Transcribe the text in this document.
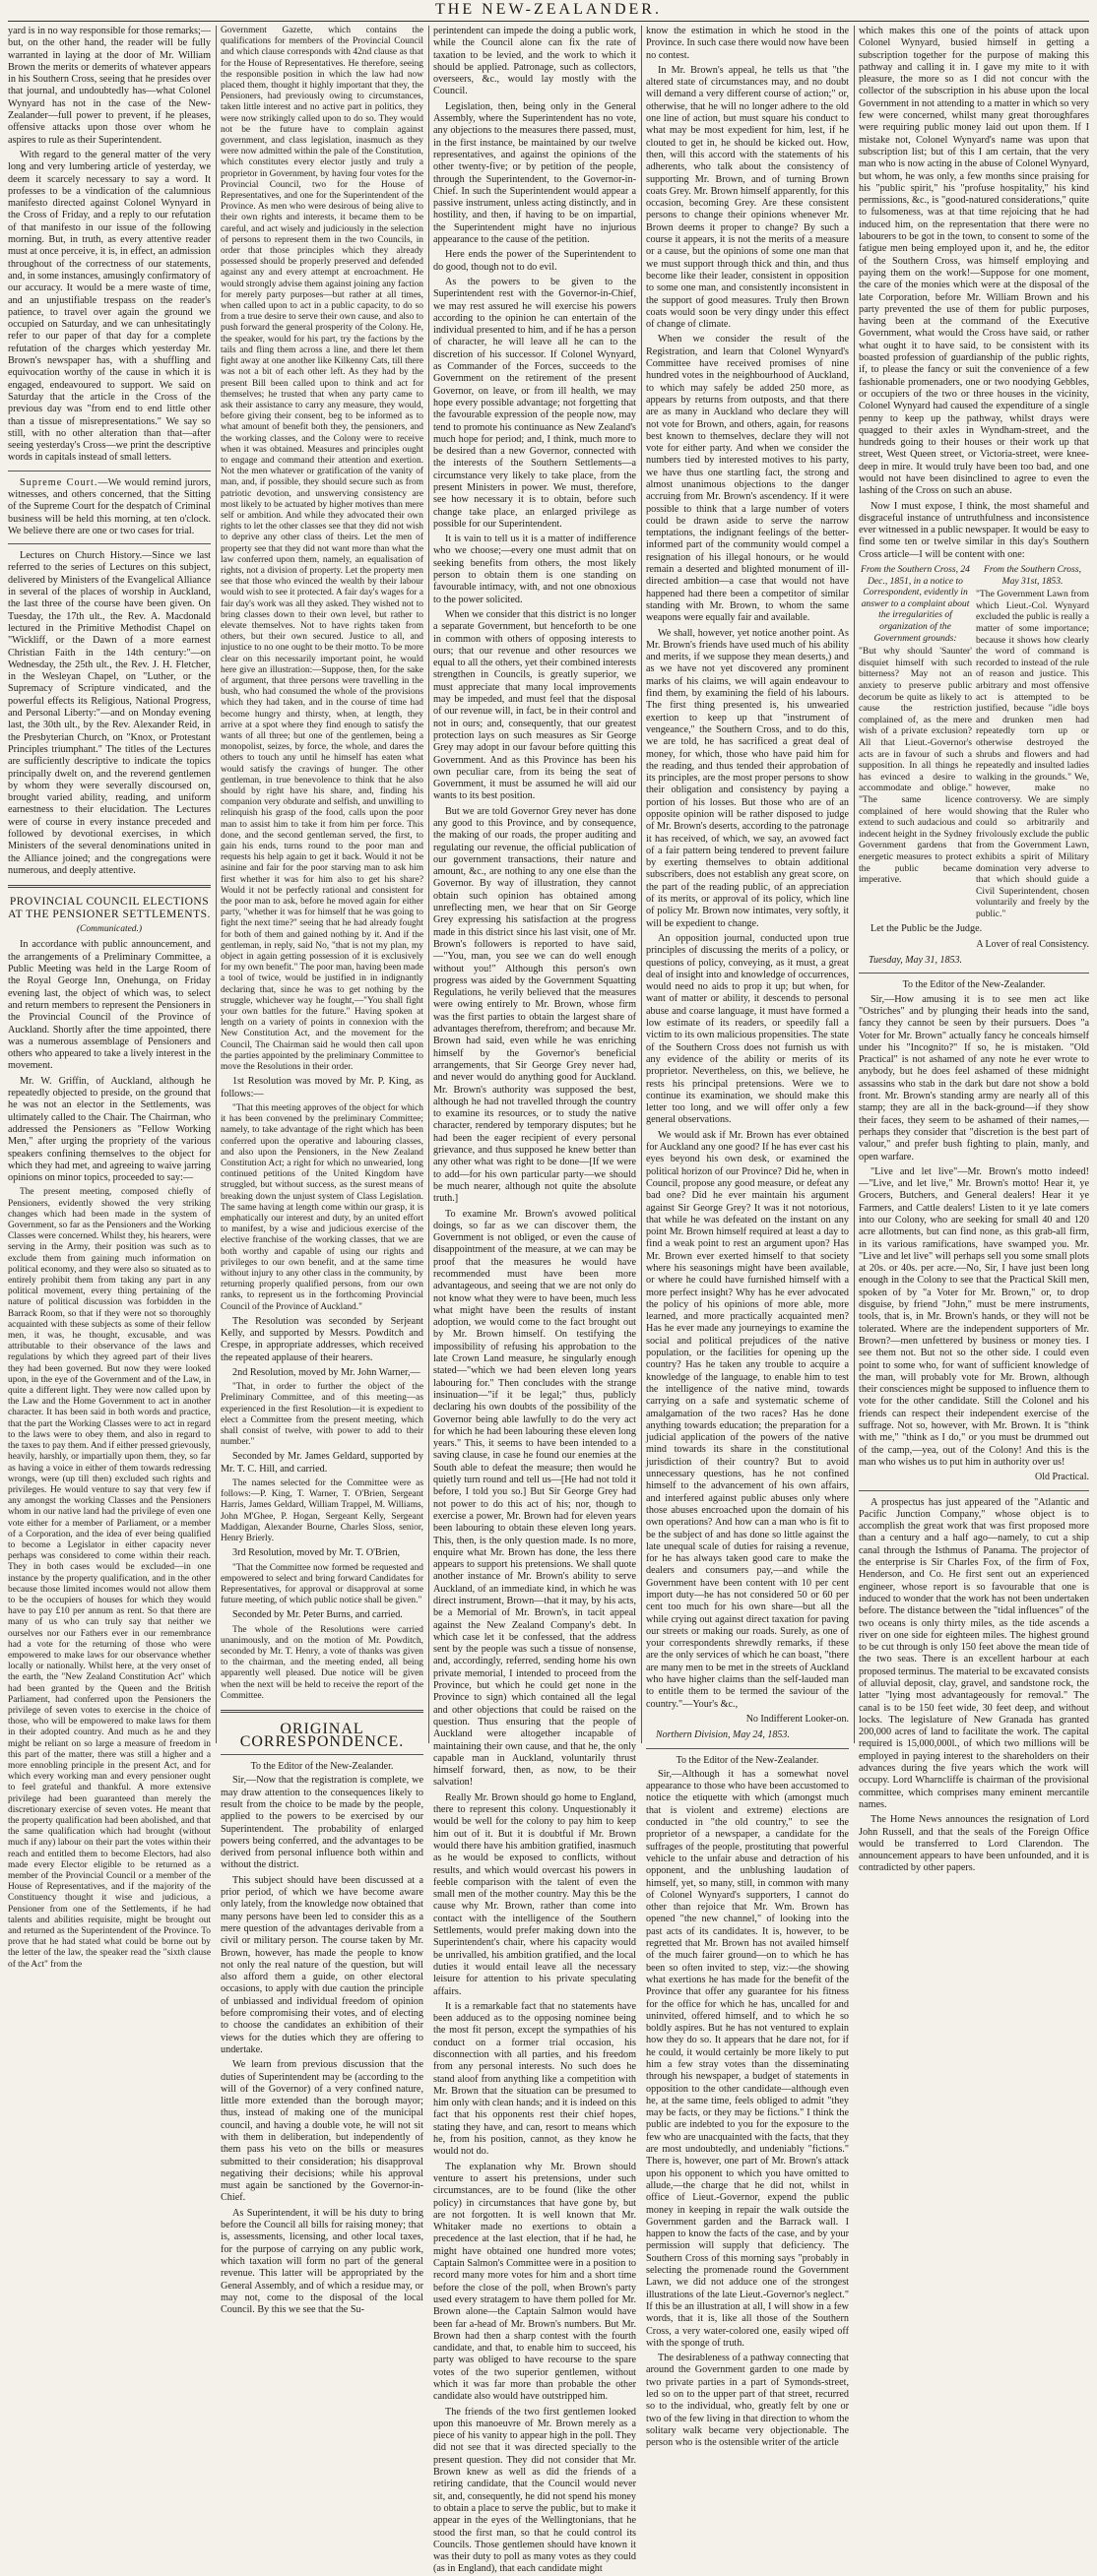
THE NEW-ZEALANDER.

yard is in no way responsible for those remarks;—but, on the other hand, the reader will be fully warranted in laying at the door of Mr. William Brown the merits or demerits of whatever appears in his Southern Cross, seeing that he presides over that journal, and undoubtedly has—what Colonel Wynyard has not in the case of the New-Zealander—full power to prevent, if he pleases, offensive attacks upon those over whom he aspires to rule as their Superintendent.

With regard to the general matter of the very long and very lumbering article of yesterday, we deem it scarcely necessary to say a word. It professes to be a vindication of the calumnious manifesto directed against Colonel Wynyard in the Cross of Friday, and a reply to our refutation of that manifesto in our issue of the following morning. But, in truth, as every attentive reader must at once perceive, it is, in effect, an admission throughout of the correctness of our statements, and, in some instances, amusingly confirmatory of our accuracy. It would be a mere waste of time, and an unjustifiable trespass on the reader's patience, to travel over again the ground we occupied on Saturday, and we can unhesitatingly refer to our paper of that day for a complete refutation of the charges which yesterday Mr. Brown's newspaper has, with a shuffling and equivocation worthy of the cause in which it is engaged, endeavoured to support. We said on Saturday that the article in the Cross of the previous day was "from end to end little other than a tissue of misrepresentations." We say so still, with no other alteration than that—after seeing yesterday's Cross—we print the descriptive words in capitals instead of small letters.

Supreme Court.—We would remind jurors, witnesses, and others concerned, that the Sitting of the Supreme Court for the despatch of Criminal business will be held this morning, at ten o'clock. We believe there are one or two cases for trial.

Lectures on Church History.—Since we last referred to the series of Lectures on this subject, delivered by Ministers of the Evangelical Alliance in several of the places of worship in Auckland, the last three of the course have been given. On Tuesday, the 17th ult., the Rev. A. Macdonald lectured in the Primitive Methodist Chapel on "Wickliff, or the Dawn of a more earnest Christian Faith in the 14th century:"—on Wednesday, the 25th ult., the Rev. J. H. Fletcher, in the Wesleyan Chapel, on "Luther, or the Supremacy of Scripture vindicated, and the powerful effects its Religious, National Progress, and Personal Liberty:"—and on Monday evening last, the 30th ult., by the Rev. Alexander Reid, in the Presbyterian Church, on "Knox, or Protestant Principles triumphant." The titles of the Lectures are sufficiently descriptive to indicate the topics principally dwelt on, and the reverend gentlemen by whom they were severally discoursed on, brought varied ability, reading, and uniform earnestness to their elucidation. The Lectures were of course in every instance preceded and followed by devotional exercises, in which Ministers of the several denominations united in the Alliance joined; and the congregations were numerous, and deeply attentive.

PROVINCIAL COUNCIL ELECTIONS AT THE PENSIONER SETTLEMENTS.
(Communicated.)

In accordance with public announcement, and the arrangements of a Preliminary Committee, a Public Meeting was held in the Large Room of the Royal George Inn, Onehunga, on Friday evening last, the object of which was, to select and return members to represent the Pensioners in the Provincial Council of the Province of Auckland. Shortly after the time appointed, there was a numerous assemblage of Pensioners and others who appeared to take a lively interest in the movement.

Mr. W. Griffin, of Auckland, although he repeatedly objected to preside, on the ground that he was not an elector in the Settlements, was ultimately called to the Chair. The Chairman, who addressed the Pensioners as "Fellow Working Men," after urging the propriety of the various speakers confining themselves to the object for which they had met, and agreeing to waive jarring opinions on minor topics, proceeded to say:—

The present meeting, composed chiefly of Pensioners, evidently showed the very striking changes which had been made in the system of Government, so far as the Pensioners and the Working Classes were concerned. Whilst they, his hearers, were serving in the Army, their position was such as to exclude them from gaining much information on political economy, and they were also so situated as to entirely prohibit them from taking any part in any political movement, every thing pertaining of the nature of political discussion was forbidden in the Barrack Room, so that if they were not so thoroughly acquainted with these subjects as some of their fellow men, it was, he thought, excusable, and was attributable to their observance of the laws and regulations by which they agreed part of their lives they had been governed. But now they were looked upon, in the eye of the Government and of the Law, in quite a different light. They were now called upon by the Law and the Home Government to act in another character. It has been said in both words and practice, that the part the Working Classes were to act in regard to the laws were to obey them, and also in regard to the taxes to pay them. And if either pressed grievously, heavily, harshly, or impartially upon them, they, so far as having a voice in either of them towards redressing wrongs, were (up till then) excluded such rights and privileges. He would venture to say that very few if any amongst the working Classes and the Pensioners whom in our native land had the privilege of even one vote either for a member of Parliament, or a member of a Corporation, and the idea of ever being qualified to become a Legislator in either capacity never perhaps was considered to come within their reach. They in both cases would be excluded—in one instance by the property qualification, and in the other because those limited incomes would not allow them to be the occupiers of houses for which they would have to pay £10 per annum as rent. So that there are many of us who can truly say that neither we ourselves nor our Fathers ever in our remembrance had a vote for the returning of those who were empowered to make laws for our observance whether locally or nationally. Whilst here, at the very onset of the earth, the "New Zealand Constitution Act" which had been granted by the Queen and the British Parliament, had conferred upon the Pensioners the privilege of seven votes to exercise in the choice of those, who will be empowered to make laws for them in their adopted country. And much as he and they might be reliant on so large a measure of freedom in this part of the matter, there was still a higher and a more ennobling principle in the present Act, and for which every working man and every pensioner ought to feel grateful and thankful. A more extensive privilege had been guaranteed than merely the discretionary exercise of seven votes. He meant that the property qualification had been abolished, and that the same qualification which had brought (without much if any) labour on their part the votes within their reach and entitled them to become Electors, had also made every Elector eligible to be returned as a member of the Provincial Council or a member of the House of Representatives, and if the majority of the Constituency thought it wise and judicious, a Pensioner from one of the Settlements, if he had talents and abilities requisite, might be brought out and returned as the Superintendent of the Province. To prove that he had stated what could be borne out by the letter of the law, the speaker read the "sixth clause of the Act" from the

Government Gazette, which contains the qualifications for members of the Provincial Council and which clause corresponds with 42nd clause as that for the House of Representatives. He therefore, seeing the responsible position in which the law had now placed them, thought it highly important that they, the Pensioners, had previously owing to circumstances, taken little interest and no active part in politics, they were now strikingly called upon to do so. They would not be the future have to complain against government, and class legislation, inasmuch as they were now admitted within the pale of the Constitution, which constitutes every elector justly and truly a proprietor in Government, by having four votes for the Provincial Council, two for the House of Representatives, and one for the Superintendent of the Province. As men who were desirous of being alive to their own rights and interests, it became them to be careful, and act wisely and judiciously in the selection of persons to represent them in the two Councils, in order that those principles which they already possessed should be properly preserved and defended against any and every attempt at encroachment. He would strongly advise them against joining any faction for merely party purposes—but rather at all times, when called upon to act in a public capacity, to do so from a true desire to serve their own cause, and also to push forward the general prosperity of the Colony. He, the speaker, would for his part, try the factions by the tails and fling them across a line, and there let them fight away at one another like Kilkenny Cats, till there was not a bit of each other left. As they had by the present Bill been called upon to think and act for themselves; he trusted that when any party came to ask their assistance to carry any measure, they would, before giving their consent, beg to be informed as to what amount of benefit both they, the pensioners, and the working classes, and the Colony were to receive when it was obtained. Measures and principles ought to engage and command their attention and exertion. Not the men whatever or gratification of the vanity of man, and, if possible, they should secure such as from patriotic devotion, and unswerving consistency are most likely to be actuated by higher motives than mere self or ambition. And while they advocated their own rights to let the other classes see that they did not wish to deprive any other class of theirs. Let the men of property see that they did not want more than what the law conferred upon them, namely, an equalisation of rights, not a division of property. Let the property men see that those who evinced the wealth by their labour would wish to see it protected. A fair day's wages for a fair day's work was all they asked. They wished not to bring classes down to their own level, but rather to elevate themselves. Not to have rights taken from others, but their own secured. Justice to all, and injustice to no one ought to be their motto. To be more clear on this necessarily important point, he would here give an illustration:—Suppose, then, for the sake of argument, that three persons were travelling in the bush, who had consumed the whole of the provisions which they had taken, and in the course of time had become hungry and thirsty, when, at length, they arrive at a spot where they find enough to satisfy the wants of all three; but one of the gentlemen, being a monopolist, seizes, by force, the whole, and dares the others to touch any until he himself has eaten what would satisfy the cravings of hunger. The other gentleman, in true benevolence to think that he also should by right have his share, and, finding his companion very obdurate and selfish, and unwilling to relinquish his grasp of the food, calls upon the poor man to assist him to take it from him per force. This done, and the second gentleman served, the first, to gain his ends, turns round to the poor man and requests his help again to get it back. Would it not be asinine and fair for the poor starving man to ask him first whether it was for him also to get his share? Would it not be perfectly rational and consistent for the poor man to ask, before he moved again for either party, "whether it was for himself that he was going to fight the next time?" seeing that he had already fought for both of them and gained nothing by it. And if the gentleman, in reply, said No, "that is not my plan, my object in again getting possession of it is exclusively for my own benefit." The poor man, having been made a tool of twice, would be justified in in indignantly declaring that, since he was to get nothing by the struggle, whichever way he fought,—"You shall fight your own battles for the future." Having spoken at length on a variety of points in connexion with the New Constitution Act, and the movement for the Council, The Chairman said he would then call upon the parties appointed by the preliminary Committee to move the Resolutions in their order.

1st Resolution was moved by Mr. P. King, as follows:—

"That this meeting approves of the object for which it has been convened by the preliminary Committee; namely, to take advantage of the right which has been conferred upon the operative and labouring classes, and also upon the Pensioners, in the New Zealand Constitution Act; a right for which no unwearied, long continued petitions of the United Kingdom have struggled, but without success, as the surest means of breaking down the unjust system of Class Legislation. The same having at length come within our grasp, it is emphatically our interest and duty, by an united effort to manifest, by a wise and judicious exercise of the elective franchise of the working classes, that we are both worthy and capable of using our rights and privileges to our own benefit, and at the same time without injury to any other class in the community, by returning properly qualified persons, from our own ranks, to represent us in the forthcoming Provincial Council of the Province of Auckland."

The Resolution was seconded by Serjeant Kelly, and supported by Messrs. Powditch and Crespe, in appropriate addresses, which received the repeated applause of their hearers.

2nd Resolution, moved by Mr. John Warner,—

"That, in order to further the object of the Preliminary Committee, and of this meeting—as experienced in the first Resolution—it is expedient to elect a Committee from the present meeting, which shall consist of twelve, with power to add to their number."

Seconded by Mr. James Geldard, supported by Mr. T. C. Hill, and carried.

The names selected for the Committee were as follows:—P. King, T. Warner, T. O'Brien, Sergeant Harris, James Geldard, William Trappel, M. Williams, John M'Ghee, P. Hogan, Sergeant Kelly, Sergeant Maddigan, Alexander Bourne, Charles Sloss, senior, Henry Brierly.

3rd Resolution, moved by Mr. T. O'Brien,

"That the Committee now formed be requested and empowered to select and bring forward Candidates for Representatives, for approval or disapproval at some future meeting, of which public notice shall be given."

Seconded by Mr. Peter Burns, and carried.

The whole of the Resolutions were carried unanimously, and on the motion of Mr. Powditch, seconded by Mr. T. Henry, a vote of thanks was given to the chairman, and the meeting ended, all being apparently well pleased. Due notice will be given when the next will be held to receive the report of the Committee.

ORIGINAL CORRESPONDENCE.
To the Editor of the New-Zealander.

Sir,—Now that the registration is complete, we may draw attention to the consequences likely to result from the choice to be made by the people, applied to the powers to be exercised by our Superintendent. The probability of enlarged powers being conferred, and the advantages to be derived from personal influence both within and without the district.

This subject should have been discussed at a prior period, of which we have become aware only lately, from the knowledge now obtained that many persons have been led to consider this as a mere question of the advantages derivable from a civil or military person. The course taken by Mr. Brown, however, has made the people to know not only the real nature of the question, but will also afford them a guide, on other electoral occasions, to apply with due caution the principle of unbiassed and individual freedom of opinion before compromising their votes, and of electing to choose the candidates an exhibition of their views for the duties which they are offering to undertake.

We learn from previous discussion that the duties of Superintendent may be (according to the will of the Governor) of a very confined nature, little more extended than the borough mayor; thus, instead of making one of the municipal council, and having a double vote, he will not sit with them in deliberation, but independently of them pass his veto on the bills or measures submitted to their consideration; his disapproval negativing their decisions; while his approval must again be sanctioned by the Governor-in-Chief.

As Superintendent, it will be his duty to bring before the Council all bills for raising money; that is, assessments, licensing, and other local taxes, for the purpose of carrying on any public work, which taxation will form no part of the general revenue. This latter will be appropriated by the General Assembly, and of which a residue may, or may not, come to the disposal of the local Council. By this we see that the Su-

perintendent can impede the doing a public work, while the Council alone can fix the rate of taxation to be levied, and the work to which it should be applied. Patronage, such as collectors, overseers, &c., would lay mostly with the Council.

Legislation, then, being only in the General Assembly, where the Superintendent has no vote, any objections to the measures there passed, must, in the first instance, be maintained by our twelve representatives, and against the opinions of the other twenty-five; or by petition of the people, through the Superintendent, to the Governor-in-Chief. In such the Superintendent would appear a passive instrument, unless acting distinctly, and in hostility, and then, if having to be on impartial, the Superintendent might have no injurious appearance to the cause of the petition.

Here ends the power of the Superintendent to do good, though not to do evil.

As the powers to be given to the Superintendent rest with the Governor-in-Chief, we may rest assured he will exercise his powers according to the opinion he can entertain of the individual presented to him, and if he has a person of character, he will leave all he can to the discretion of his successor. If Colonel Wynyard, as Commander of the Forces, succeeds to the Government on the retirement of the present Governor, on leave, or from ill health, we may hope every possible advantage; not forgetting that the favourable expression of the people now, may tend to promote his continuance as New Zealand's much hope for period; and, I think, much more to be desired than a new Governor, connected with the interests of the Southern Settlements—a circumstance very likely to take place, from the present Ministers in power. We must, therefore, see how necessary it is to obtain, before such change take place, an enlarged privilege as possible for our Superintendent.

It is vain to tell us it is a matter of indifference who we choose;—every one must admit that on seeking benefits from others, the most likely person to obtain them is one standing on favourable intimacy, with, and not one obnoxious to the power solicited.

When we consider that this district is no longer a separate Government, but henceforth to be one in common with others of opposing interests to ours; that our revenue and other resources we equal to all the others, yet their combined interests strengthen in Councils, is greatly superior, we must appreciate that many local improvements may be impeded, and must feel that the disposal of our revenue will, in fact, be in their control and not in ours; and, consequently, that our greatest protection lays on such measures as Sir George Grey may adopt in our favour before quitting this Government. And as this Province has been his own peculiar care, from its being the seat of Government, it must be assumed he will aid our wants to its best position.

But we are told Governor Grey never has done any good to this Province, and by consequence, the making of our roads, the proper auditing and regulating our revenue, the official publication of our government transactions, their nature and amount, &c., are nothing to any one else than the Governor. By way of illustration, they cannot obtain such opinion has obtained among unreflecting men, we hear that on Sir George Grey expressing his satisfaction at the progress made in this district since his last visit, one of Mr. Brown's followers is reported to have said,—"You, man, you see we can do well enough without you!" Although this person's own progress was aided by the Government Squatting Regulations, he verily believed that the measures were owing entirely to Mr. Brown, whose firm was the first parties to obtain the largest share of advantages therefrom, therefrom; and because Mr. Brown had said, even while he was enriching himself by the Governor's beneficial arrangements, that Sir George Grey never had, and never would do anything good for Auckland. Mr. Brown's authority was supposed the best, although he had not travelled through the country to examine its resources, or to study the native character, rendered by temporary disputes; but he had been the eager recipient of every personal grievance, and thus supposed he knew better than any other what was right to be done—[If we were to add—for his own particular party—we should be much nearer, although not quite the absolute truth.]

To examine Mr. Brown's avowed political doings, so far as we can discover them, the Government is not obliged, or even the cause of disappointment of the measure, at we can may be proof that the measures he would have recommended must have been more advantageous, and seeing that we are not only do not know what they were to have been, much less what might have been the results of instant adoption, we would come to the fact brought out by Mr. Brown himself. On testifying the impossibility of refusing his approbation to the late Crown Land measure, he singularly enough stated—"which we had been eleven long years labouring for." Then concludes with the strange insinuation—"if it be legal;" thus, publicly declaring his own doubts of the possibility of the Governor being able lawfully to do the very act for which he had been labouring these eleven long years." This, it seems to have been intended to a saving clause, in case he found our enemies at the South able to defeat the measure; then would he quietly turn round and tell us—[He had not told it before, I told you so.] But Sir George Grey had not power to do this act of his; nor, though to exercise a power, Mr. Brown had for eleven years been labouring to obtain these eleven long years. This, then, is the only question made. Is no more, enquire what Mr. Brown has done, the less there appears to support his pretensions. We shall quote another instance of Mr. Brown's ability to serve Auckland, of an immediate kind, in which he was direct instrument, Brown—that it may, by his acts, be a Memorial of Mr. Brown's, in tacit appeal against the New Zealand Company's debt. In which case let it be confessed, that the address sent by the people was such a tissue of nonsense, and, accordingly, referred, sending home his own private memorial, I intended to proceed from the Province, but which he could get none in the Province to sign) which contained all the legal and other objections that could be raised on the question. Thus ensuring that the people of Auckland were altogether incapable of maintaining their own cause, and that he, the only capable man in Auckland, voluntarily thrust himself forward, then, as now, to be their salvation!

Really Mr. Brown should go home to England, there to represent this colony. Unquestionably it would be well for the colony to pay him to keep him out of it. But it is doubtful if Mr. Brown would there have his ambition gratified, inasmuch as he would be exposed to conflicts, without results, and which would overcast his powers in feeble comparison with the talent of even the small men of the mother country. May this be the cause why Mr. Brown, rather than come into contact with the intelligence of the Southern Settlements, would prefer making down into the Superintendent's chair, where his capacity would be unrivalled, his ambition gratified, and the local duties it would entail leave all the necessary leisure for attention to his private speculating affairs.

It is a remarkable fact that no statements have been adduced as to the opposing nominee being the most fit person, except the sympathies of his conduct on a former trial occasion, his disconnection with all parties, and his freedom from any personal interests. No such does he stand aloof from anything like a competition with Mr. Brown that the situation can be presumed to him only with clean hands; and it is indeed on this fact that his opponents rest their chief hopes, stating they have, and can, resort to means which he, from his position, cannot, as they know he would not do.

The explanation why Mr. Brown should venture to assert his pretensions, under such circumstances, are to be found (like the other policy) in circumstances that have gone by, but are not forgotten. It is well known that Mr. Whitaker made no exertions to obtain a precedence at the last election, that if he had, he might have obtained one hundred more votes; Captain Salmon's Committee were in a position to record many more votes for him and a short time before the close of the poll, when Brown's party used every stratagem to have them polled for Mr. Brown alone—the Captain Salmon would have been far a-head of Mr. Brown's numbers. But Mr. Brown had then a sharp contest with the fourth candidate, and that, to enable him to succeed, his party was obliged to have recourse to the spare votes of the two superior gentlemen, without which it was far more than probable the other candidate also would have outstripped him.

The friends of the two first gentlemen looked upon this manoeuvre of Mr. Brown merely as a piece of his vanity to appear high in the poll. They did not see that it was directed specially to the present question. They did not consider that Mr. Brown knew as well as did the friends of a retiring candidate, that the Council would never sit, and, consequently, he did not spend his money to obtain a place to serve the public, but to make it appear in the eyes of the Wellingtonians, that he stood the first man, so that he could control its Councils. Those gentlemen should have known it was their duty to poll as many votes as they could (as in England), that each candidate might

know the estimation in which he stood in the Province. In such case there would now have been no contest.

In Mr. Brown's appeal, he tells us that "the altered state of circumstances may, and no doubt will demand a very different course of action;" or, otherwise, that he will no longer adhere to the old one line of action, but must square his conduct to what may be most expedient for him, lest, if he clouted to get in, he should be kicked out. How, then, will this accord with the statements of his adherents, who talk about the consistency of supporting Mr. Brown, and of turning Brown coats Grey. Mr. Brown himself apparently, for this occasion, becoming Grey. Are these consistent persons to change their opinions whenever Mr. Brown deems it proper to change? By such a course it appears, it is not the merits of a measure or a cause, but the opinions of some one man that we must support through thick and thin, and thus become like their leader, consistent in opposition to some one man, and consistently inconsistent in the support of good measures. Truly then Brown coats would soon be very dingy under this effect of change of climate.

When we consider the result of the Registration, and learn that Colonel Wynyard's Committee have received promises of nine hundred votes in the neighbourhood of Auckland, to which may safely be added 250 more, as appears by returns from outposts, and that there are as many in Auckland who declare they will not vote for Brown, and others, again, for reasons best known to themselves, declare they will not vote for either party. And when we consider the numbers tied by interested motives to his party, we have thus one startling fact, the strong and almost unanimous objections to the danger accruing from Mr. Brown's ascendency. If it were possible to think that a large number of voters could be drawn aside to serve the narrow temptations, the indignant feelings of the better-informed part of the community would compel a resignation of his illegal honours, or he would remain a deserted and blighted monument of ill-directed ambition—a case that would not have happened had there been a competitor of similar standing with Mr. Brown, to whom the same weapons were equally fair and available.

We shall, however, yet notice another point. As Mr. Brown's friends have used much of his ability and merits, if we suppose they mean deserts,) and as we have not yet discovered any prominent marks of his claims, we will again endeavour to find them, by examining the field of his labours. The first thing presented is, his unwearied exertion to keep up that "instrument of vengeance," the Southern Cross, and to do this, we are told, he has sacrificed a great deal of money, for which, those who have paid him for the reading, and thus tended their approbation of its principles, are the most proper persons to show their obligation and consistency by paying a portion of his losses. But those who are of an opposite opinion will be rather disposed to judge of Mr. Brown's deserts, according to the patronage it has received, of which, we say, an avowed fact of a fair pattern being tendered to prevent failure by exerting themselves to obtain additional subscribers, does not establish any great score, on the part of the reading public, of an appreciation of its merits, or approval of its policy, which line of policy Mr. Brown now intimates, very softly, it will be expedient to change.

An opposition journal, conducted upon true principles of discussing the merits of a policy, or questions of policy, conveying, as it must, a great deal of insight into and knowledge of occurrences, would need no aids to prop it up; but when, for want of matter or ability, it descends to personal abuse and coarse language, it must have formed a low estimate of its readers, or speedily fall a victim to its own malicious propensities. The state of the Southern Cross does not furnish us with any evidence of the ability or merits of its proprietor. Nevertheless, on this, we believe, he rests his principal pretensions. Were we to continue its examination, we should make this letter too long, and we will offer only a few general observations.

We would ask if Mr. Brown has ever obtained for Auckland any one good? If he has ever cast his eyes beyond his own desk, or examined the political horizon of our Province? Did he, when in Council, propose any good measure, or defeat any bad one? Did he ever maintain his argument against Sir George Grey? It was it not notorious, that while he was defeated on the instant on any point Mr. Brown himself required at least a day to find a weak point to rest an argument upon? Has Mr. Brown ever exerted himself to that society where his seasonings might have been available, or where he could have furnished himself with a more perfect insight? Why has he ever advocated the policy of his opinions of more able, more learned, and more practically acquainted men? Has he ever made any journeyings to examine the social and political prejudices of the native population, or the facilities for opening up the country? Has he taken any trouble to acquire a knowledge of the language, to enable him to test the intelligence of the native mind, towards carrying on a safe and systematic scheme of amalgamation of the two races? Has he done anything towards education; the preparation for a judicial application of the powers of the native mind towards its share in the constitutional jurisdiction of their country? But to avoid unnecessary questions, has he not confined himself to the advancement of his own affairs, and interfered against public abuses only where those abuses encroached upon the domain of his own operations? And how can a man who is fit to be the subject of and has done so little against the late unequal scale of duties for raising a revenue, for he has always taken good care to make the dealers and consumers pay,—and while the Government have been content with 10 per cent import duty—he has not considered 50 or 60 per cent too much for his own share—but all the while crying out against direct taxation for paving our streets or making our roads. Surely, as one of your correspondents shrewdly remarks, if these are the only services of which he can boast, "there are many men to be met in the streets of Auckland who have higher claims than the self-lauded man to entitle them to be termed the saviour of the country."—Your's &c.,

No Indifferent Looker-on.
Northern Division, May 24, 1853.
To the Editor of the New-Zealander.

Sir,—Although it has a somewhat novel appearance to those who have been accustomed to notice the etiquette with which (amongst much that is violent and extreme) elections are conducted in "the old country," to see the proprietor of a newspaper, a candidate for the suffrages of the people, prostituting that powerful vehicle to the unfair abuse and detraction of his opponent, and the unblushing laudation of himself, yet, so many, still, in common with many of Colonel Wynyard's supporters, I cannot do other than rejoice that Mr. Wm. Brown has opened "the new channel," of looking into the past acts of its candidates. It is, however, to be regretted that Mr. Brown has not availed himself of the much fairer ground—on to which he has been so often invited to step, viz:—the showing what exertions he has made for the benefit of the Province that offer any guarantee for his fitness for the office for which he has, uncalled for and uninvited, offered himself, and to which he so boldly aspires. But he has not ventured to explain how they do so. It appears that he dare not, for if he could, it would certainly be more likely to put him a few stray votes than the disseminating through his newspaper, a budget of statements in opposition to the other candidate—although even he, at the same time, feels obliged to admit "they may be facts, or they may be fictions." I think the public are indebted to you for the exposure to the few who are unacquainted with the facts, that they are most undoubtedly, and undeniably "fictions." There is, however, one part of Mr. Brown's attack upon his opponent to which you have omitted to allude,—the charge that he did not, whilst in office of Lieut.-Governor, expend the public money in keeping in repair the walk outside the Government garden and the Barrack wall. I happen to know the facts of the case, and by your permission will supply that deficiency. The Southern Cross of this morning says "probably in selecting the promenade round the Government Lawn, we did not adduce one of the strongest illustrations of the late Lieut.-Governor's neglect." If this be an illustration at all, I will show in a few words, that it is, like all those of the Southern Cross, a very water-colored one, easily wiped off with the sponge of truth.

The desirableness of a pathway connecting that around the Government garden to one made by two private parties in a part of Symonds-street, led so on to the upper part of that street, recurred so to the individual, who, greatly felt by one or two of the few living in that direction to whom the solitary walk became very objectionable. The person who is the ostensible writer of the article

which makes this one of the points of attack upon Colonel Wynyard, busied himself in getting a subscription together for the purpose of making this pathway and calling it in. I gave my mite to it with pleasure, the more so as I did not concur with the collector of the subscription in his abuse upon the local Government in not attending to a matter in which so very few were concerned, whilst many great thoroughfares were requiring public money laid out upon them. If I mistake not, Colonel Wynyard's name was upon that subscription list; but of this I am certain, that the very man who is now acting in the abuse of Colonel Wynyard, but whom, he was only, a few months since praising for his "public spirit," his "profuse hospitality," his kind permissions, &c., is "good-natured considerations," quite to fulsomeness, was at that time rejoicing that he had induced him, on the representation that there were no labourers to be got in the town, to consent to some of the fatigue men being employed upon it, and he, the editor of the Southern Cross, was himself employing and paying them on the work!—Suppose for one moment, the care of the monies which were at the disposal of the late Corporation, before Mr. William Brown and his party prevented the use of them for public purposes, having been at the command of the Executive Government, what would the Cross have said, or rather what ought it to have said, to be consistent with its boasted profession of guardianship of the public rights, if, to please the fancy or suit the convenience of a few fashionable promenaders, one or two noodying Gebbles, or occupiers of the two or three houses in the vicinity, Colonel Wynyard had caused the expenditure of a single penny to keep up the pathway, whilst drays were quagged to their axles in Wyndham-street, and the hundreds going to their houses or their work up that street, West Queen street, or Victoria-street, were knee-deep in mire. It would truly have been too bad, and one would not have been disinclined to agree to even the lashing of the Cross on such an abuse.

Now I must expose, I think, the most shameful and disgraceful instance of untruthfulness and inconsistence ever witnessed in a public newspaper. It would be easy to find some ten or twelve similar in this day's Southern Cross article—I will be content with one:

From the Southern Cross, 24 Dec., 1851, in a notice to Correspondent, evidently in answer to a complaint about the irregularities of organization of the Government grounds:
"But why should 'Saunter' disquiet himself with such bitterness? May not an anxiety to preserve public decorum be quite as likely to cause the restriction complained of, as the mere wish of a private exclusion? All that Lieut.-Governor's acts are in favour of such a supposition. In all things he has evinced a desire to accommodate and oblige." "The same licence complained of here would extend to such audacious and indecent height in the Sydney Government gardens that energetic measures to protect the public became imperative.
From the Southern Cross, May 31st, 1853.
"The Government Lawn from which Lieut.-Col. Wynyard excluded the public is really a matter of some importance; because it shows how clearly the word of command is recorded to instead of the rule of reason and justice. This arbitrary and most offensive act is attempted to be justified, because "idle boys and drunken men had repeatedly torn up or otherwise destroyed the shrubs and flowers and had repeatedly and insulted ladies walking in the grounds." We, however, make no controversy. We are simply showing that the Ruler who could so arbitrarily and frivolously exclude the public from the Government Lawn, exhibits a spirit of Military domination very adverse to that which should guide a Civil Superintendent, chosen voluntarily and freely by the public."

Let the Public be the Judge.

A Lover of real Consistency.
Tuesday, May 31, 1853.
To the Editor of the New-Zealander.

Sir,—How amusing it is to see men act like "Ostriches" and by plunging their heads into the sand, fancy they cannot be seen by their pursuers. Does "a Voter for Mr. Brown" actually fancy he conceals himself under his "Incognito?" If so, he is mistaken. "Old Practical" is not ashamed of any note he ever wrote to anybody, but he does feel ashamed of these midnight assassins who stab in the dark but dare not show a bold front. Mr. Brown's standing army are nearly all of this stamp; they are all in the back-ground—if they show their faces, they seem to be ashamed of their names,—perhaps they consider that "discretion is the best part of valour," and prefer bush fighting to plain, manly, and open warfare.

"Live and let live"—Mr. Brown's motto indeed! —"Live, and let live," Mr. Brown's motto! Hear it, ye Grocers, Butchers, and General dealers! Hear it ye Farmers, and Cattle dealers! Listen to it ye late comers into our Colony, who are seeking for small 40 and 120 acre allotments, but can find none, as this grab-all firm, in its various ramifications, have swamped you. Mr. "Live and let live" will perhaps sell you some small plots at 20s. or 40s. per acre.—No, Sir, I have just been long enough in the Colony to see that the Practical Skill men, spoken of by "a Voter for Mr. Brown," or, to drop disguise, by friend "John," must be mere instruments, tools, that is, in Mr. Brown's hands, or they will not be tolerated. Where are the independent supporters of Mr. Brown?—men unfettered by business or money ties. I see them not. But not so the other side. I could even point to some who, for want of sufficient knowledge of the man, will probably vote for Mr. Brown, although their consciences might be supposed to influence them to vote for the other candidate. Still the Colonel and his friends can respect their independent exercise of the suffrage. Not so, however, with Mr. Brown. It is "think with me," "think as I do," or you must be drummed out of the camp,—yea, out of the Colony! And this is the man who wishes us to put him in authority over us!

Old Practical.

A prospectus has just appeared of the "Atlantic and Pacific Junction Company," whose object is to accomplish the great work that was first proposed more than a century and a half ago—namely, to cut a ship canal through the Isthmus of Panama. The projector of the enterprise is Sir Charles Fox, of the firm of Fox, Henderson, and Co. He first sent out an experienced engineer, whose report is so favourable that one is induced to wonder that the work has not been undertaken before. The distance between the "tidal influences" of the two oceans is only thirty miles, as the tide ascends a river on one side for eighteen miles. The highest ground to be cut through is only 150 feet above the mean tide of the two seas. There is an excellent harbour at each proposed terminus. The material to be excavated consists of alluvial deposit, clay, gravel, and sandstone rock, the latter "lying most advantageously for removal." The canal is to be 150 feet wide, 30 feet deep, and without locks. The legislature of New Granada has granted 200,000 acres of land to facilitate the work. The capital required is 15,000,000l., of which two millions will be employed in paying interest to the shareholders on their advances during the five years which the work will occupy. Lord Wharncliffe is chairman of the provisional committee, which comprises many eminent mercantile names.

The Home News announces the resignation of Lord John Russell, and that the seals of the Foreign Office would be transferred to Lord Clarendon. The announcement appears to have been unfounded, and it is contradicted by other papers.
